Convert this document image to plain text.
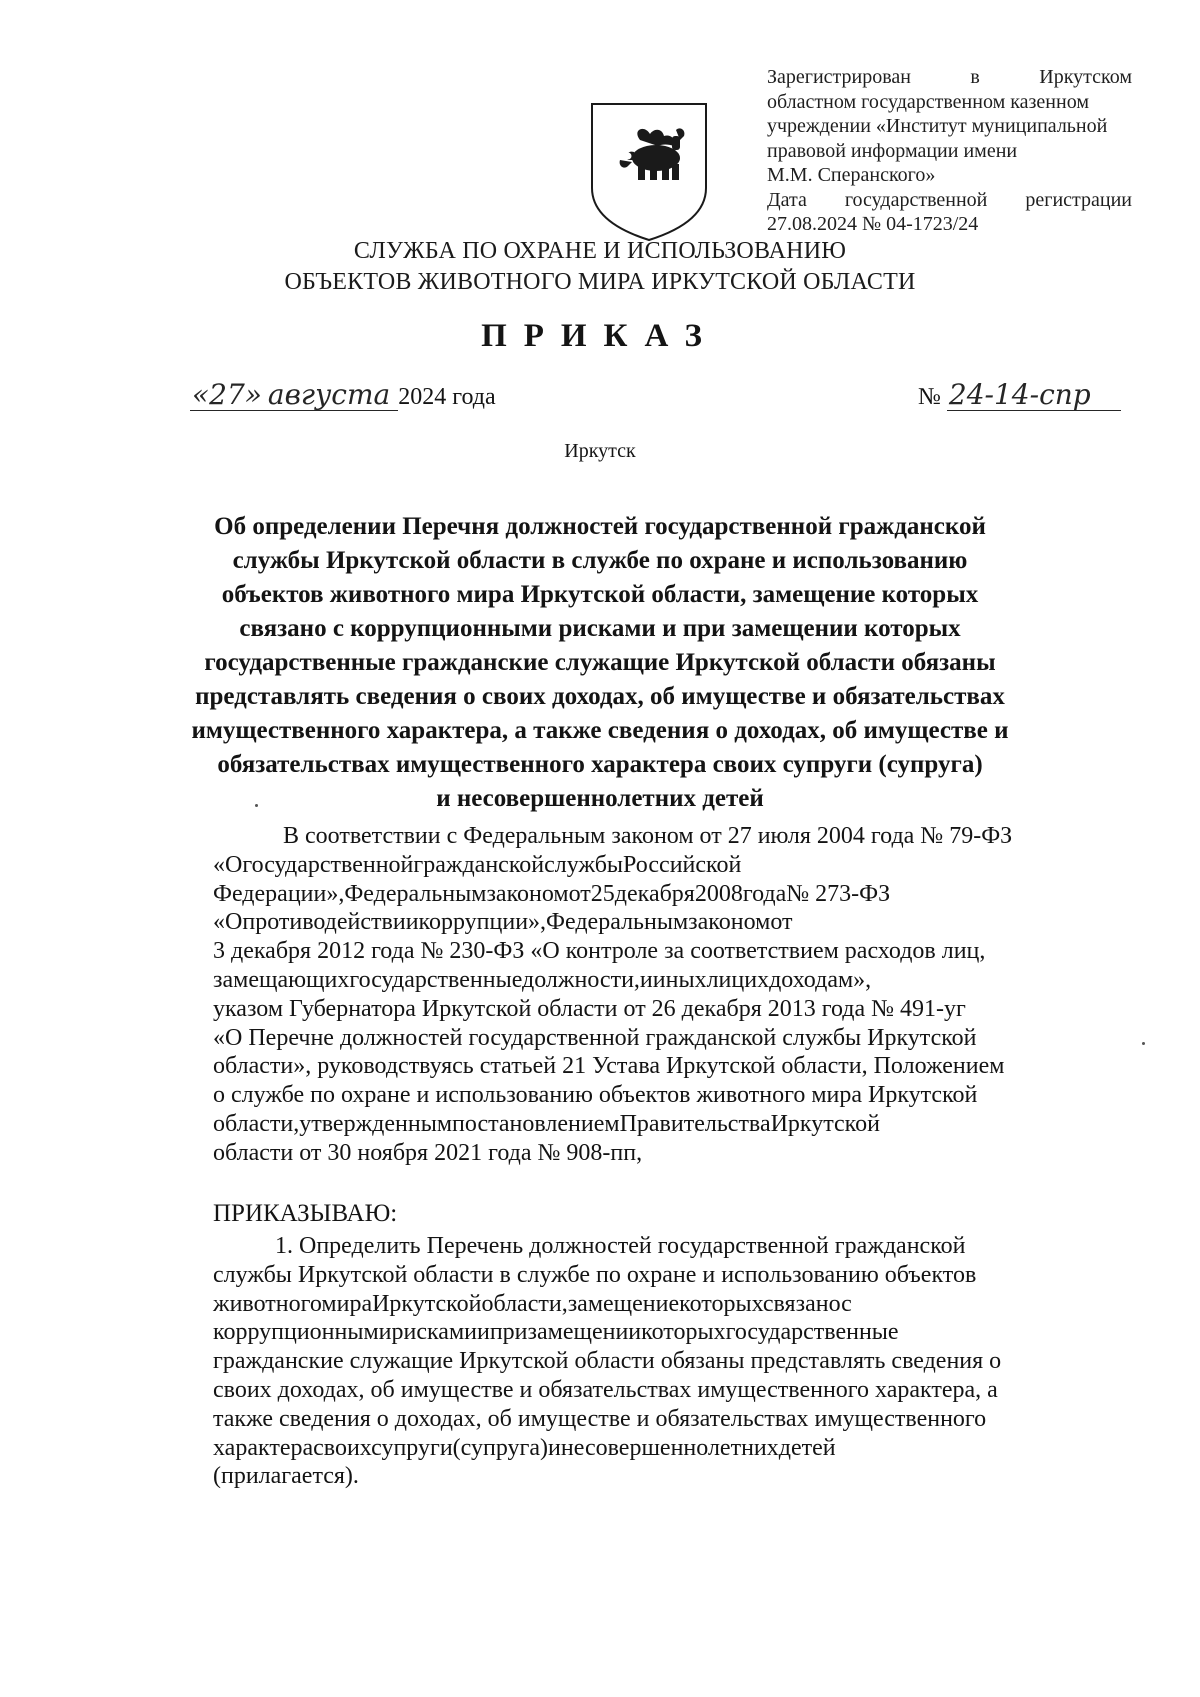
Зарегистрирован	в	Иркутском
областном государственном казенном
учреждении «Институт муниципальной
правовой информации имени
М.М. Сперанского»
Дата государственной регистрации
27.08.2024 № 04-1723/24
СЛУЖБА ПО ОХРАНЕ И ИСПОЛЬЗОВАНИЮ
ОБЪЕКТОВ ЖИВОТНОГО МИРА ИРКУТСКОЙ ОБЛАСТИ
ПРИКАЗ
«27» августа 2024 года	№ 24-14-спр
Иркутск
Об определении Перечня должностей государственной гражданской
службы Иркутской области в службе по охране и использованию
объектов животного мира Иркутской области, замещение которых
связано с коррупционными рисками и при замещении которых
государственные гражданские служащие Иркутской области обязаны
представлять сведения о своих доходах, об имуществе и обязательствах
имущественного характера, а также сведения о доходах, об имуществе и
обязательствах имущественного характера своих супруги (супруга)
и несовершеннолетних детей
В соответствии с Федеральным законом от 27 июля 2004 года № 79-ФЗ
«ОгосударственнойгражданскойслужбыРоссийской
Федерации»,Федеральнымзакономот25декабря2008года№ 273-ФЗ
«Опротиводействиикоррупции»,Федеральнымзакономот
3 декабря 2012 года № 230-ФЗ «О контроле за соответствием расходов лиц,
замещающихгосударственныедолжности,ииныхлицихдоходам»,
указом Губернатора Иркутской области от 26 декабря 2013 года № 491-уг
«О Перечне должностей государственной гражданской службы Иркутской
области», руководствуясь статьей 21 Устава Иркутской области, Положением
о службе по охране и использованию объектов животного мира Иркутской
области,утвержденнымпостановлениемПравительстваИркутской
области от 30 ноября 2021 года № 908-пп,
ПРИКАЗЫВАЮ:
1. Определить Перечень должностей государственной гражданской
службы Иркутской области в службе по охране и использованию объектов
животногомираИркутскойобласти,замещениекоторыхсвязанос
коррупционнымирискамиипризамещениикоторыхгосударственные
гражданские служащие Иркутской области обязаны представлять сведения о
своих доходах, об имуществе и обязательствах имущественного характера, а
также сведения о доходах, об имуществе и обязательствах имущественного
характерасвоихсупруги(супруга)инесовершеннолетнихдетей
(прилагается).
